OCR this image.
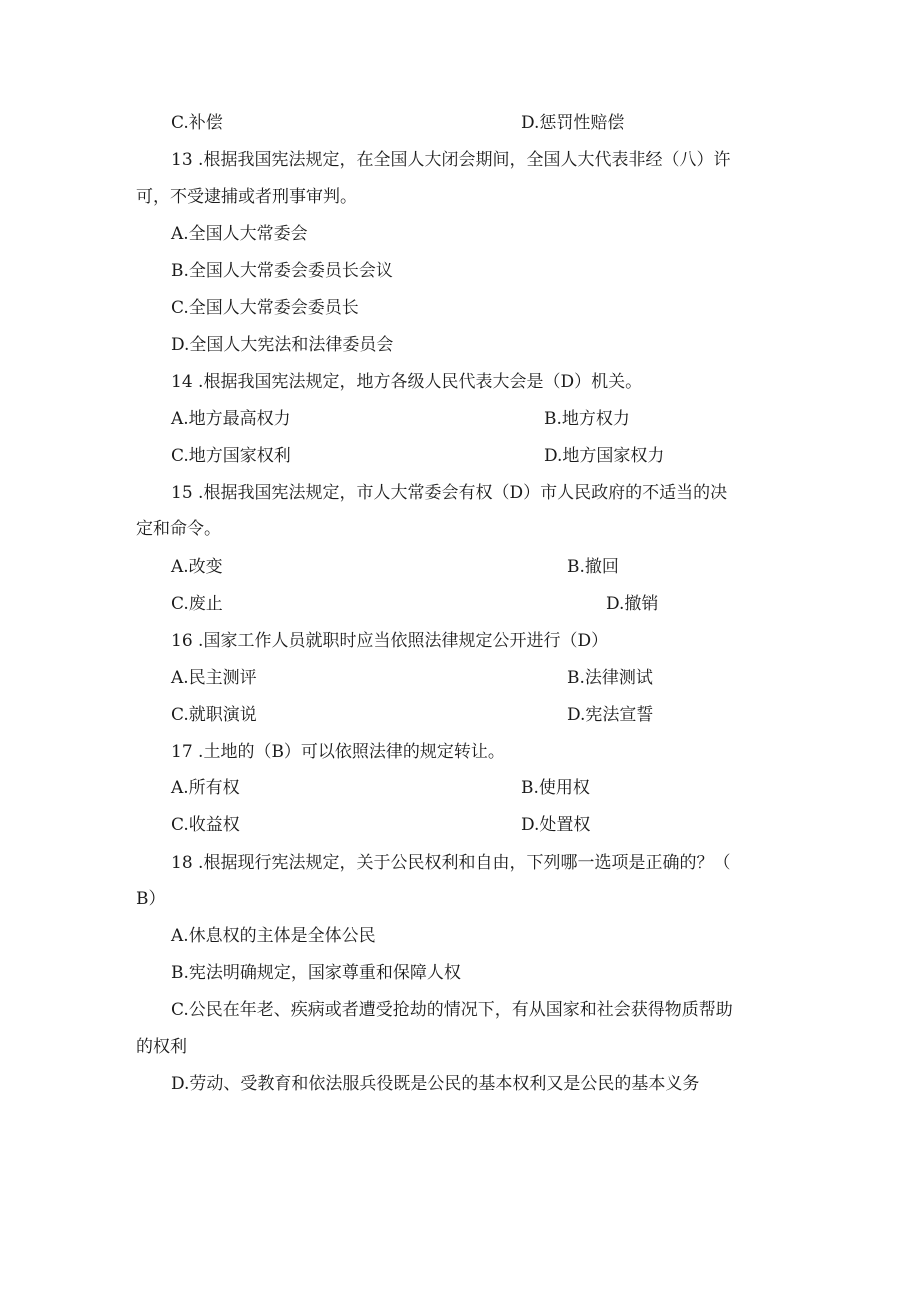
C.补偿	D.惩罚性赔偿
13 .根据我国宪法规定，在全国人大闭会期间，全国人大代表非经（八）许
可，不受逮捕或者刑事审判。
A.全国人大常委会
B.全国人大常委会委员长会议
C.全国人大常委会委员长
D.全国人大宪法和法律委员会
14 .根据我国宪法规定，地方各级人民代表大会是（D）机关。
A.地方最高权力	B.地方权力
C.地方国家权利	D.地方国家权力
15 .根据我国宪法规定，市人大常委会有权（D）市人民政府的不适当的决
定和命令。
A.改变	B.撤回
C.废止	D.撤销
16 .国家工作人员就职时应当依照法律规定公开进行（D）
A.民主测评	B.法律测试
C.就职演说	D.宪法宣誓
17 .土地的（B）可以依照法律的规定转让。
A.所有权	B.使用权
C.收益权	D.处置权
18 .根据现行宪法规定，关于公民权利和自由，下列哪一选项是正确的？（
B）
A.休息权的主体是全体公民
B.宪法明确规定，国家尊重和保障人权
C.公民在年老、疾病或者遭受抢劫的情况下，有从国家和社会获得物质帮助
的权利
D.劳动、受教育和依法服兵役既是公民的基本权利又是公民的基本义务
